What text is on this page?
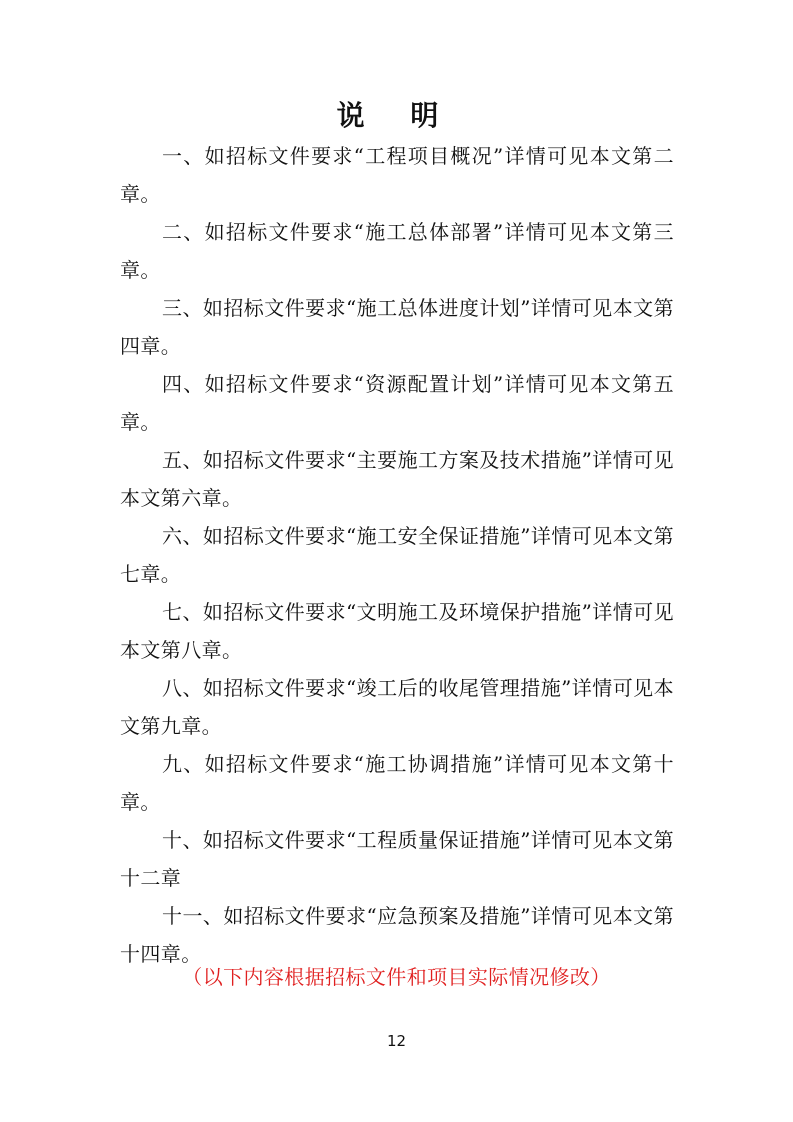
说 明

一、如招标文件要求“工程项目概况”详情可见本文第二章。

二、如招标文件要求“施工总体部署”详情可见本文第三章。

三、如招标文件要求“施工总体进度计划”详情可见本文第四章。

四、如招标文件要求“资源配置计划”详情可见本文第五章。

五、如招标文件要求“主要施工方案及技术措施”详情可见本文第六章。

六、如招标文件要求“施工安全保证措施”详情可见本文第七章。

七、如招标文件要求“文明施工及环境保护措施”详情可见本文第八章。

八、如招标文件要求“竣工后的收尾管理措施”详情可见本文第九章。

九、如招标文件要求“施工协调措施”详情可见本文第十章。

十、如招标文件要求“工程质量保证措施”详情可见本文第十二章

十一、如招标文件要求“应急预案及措施”详情可见本文第十四章。

（以下内容根据招标文件和项目实际情况修改）
12
